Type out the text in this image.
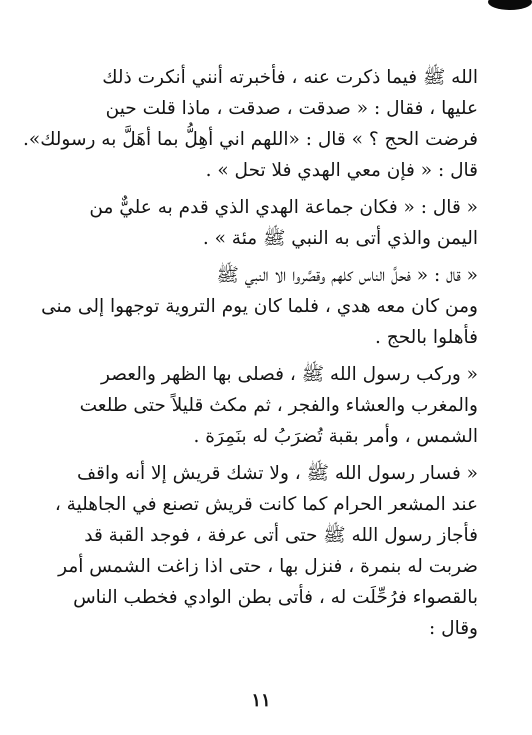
الله ﷺ فيما ذكرت عنه ، فأخبرته أنني أنكرت ذلك
عليها ، فقال : « صدقت ، صدقت ، ماذا قلت حين
فرضت الحج ؟ » قال : «اللهم اني أهِلُّ بما أهَلَّ به رسولك».
قال : « فإن معي الهدي فلا تحل » .
« قال : « فكان جماعة الهدي الذي قدم به عليٌّ من
اليمن والذي أتى به النبي ﷺ مئة » .
« قال : « فحلَّ الناس كلهم وقصَّروا الا النبي ﷺ
ومن كان معه هدي ، فلما كان يوم التروية توجهوا إلى منى
فأهلوا بالحج .
« وركب رسول الله ﷺ ، فصلى بها الظهر والعصر
والمغرب والعشاء والفجر ، ثم مكث قليلاً حتى طلعت
الشمس ، وأمر بقبة تُضرَبُ له بنَمِرَة .
« فسار رسول الله ﷺ ، ولا تشك قريش إلا أنه واقف
عند المشعر الحرام كما كانت قريش تصنع في الجاهلية ،
فأجاز رسول الله ﷺ حتى أتى عرفة ، فوجد القبة قد
ضربت له بنمرة ، فنزل بها ، حتى اذا زاغت الشمس أمر
بالقصواء فرُحِّلَت له ، فأتى بطن الوادي فخطب الناس
وقال :
١١
